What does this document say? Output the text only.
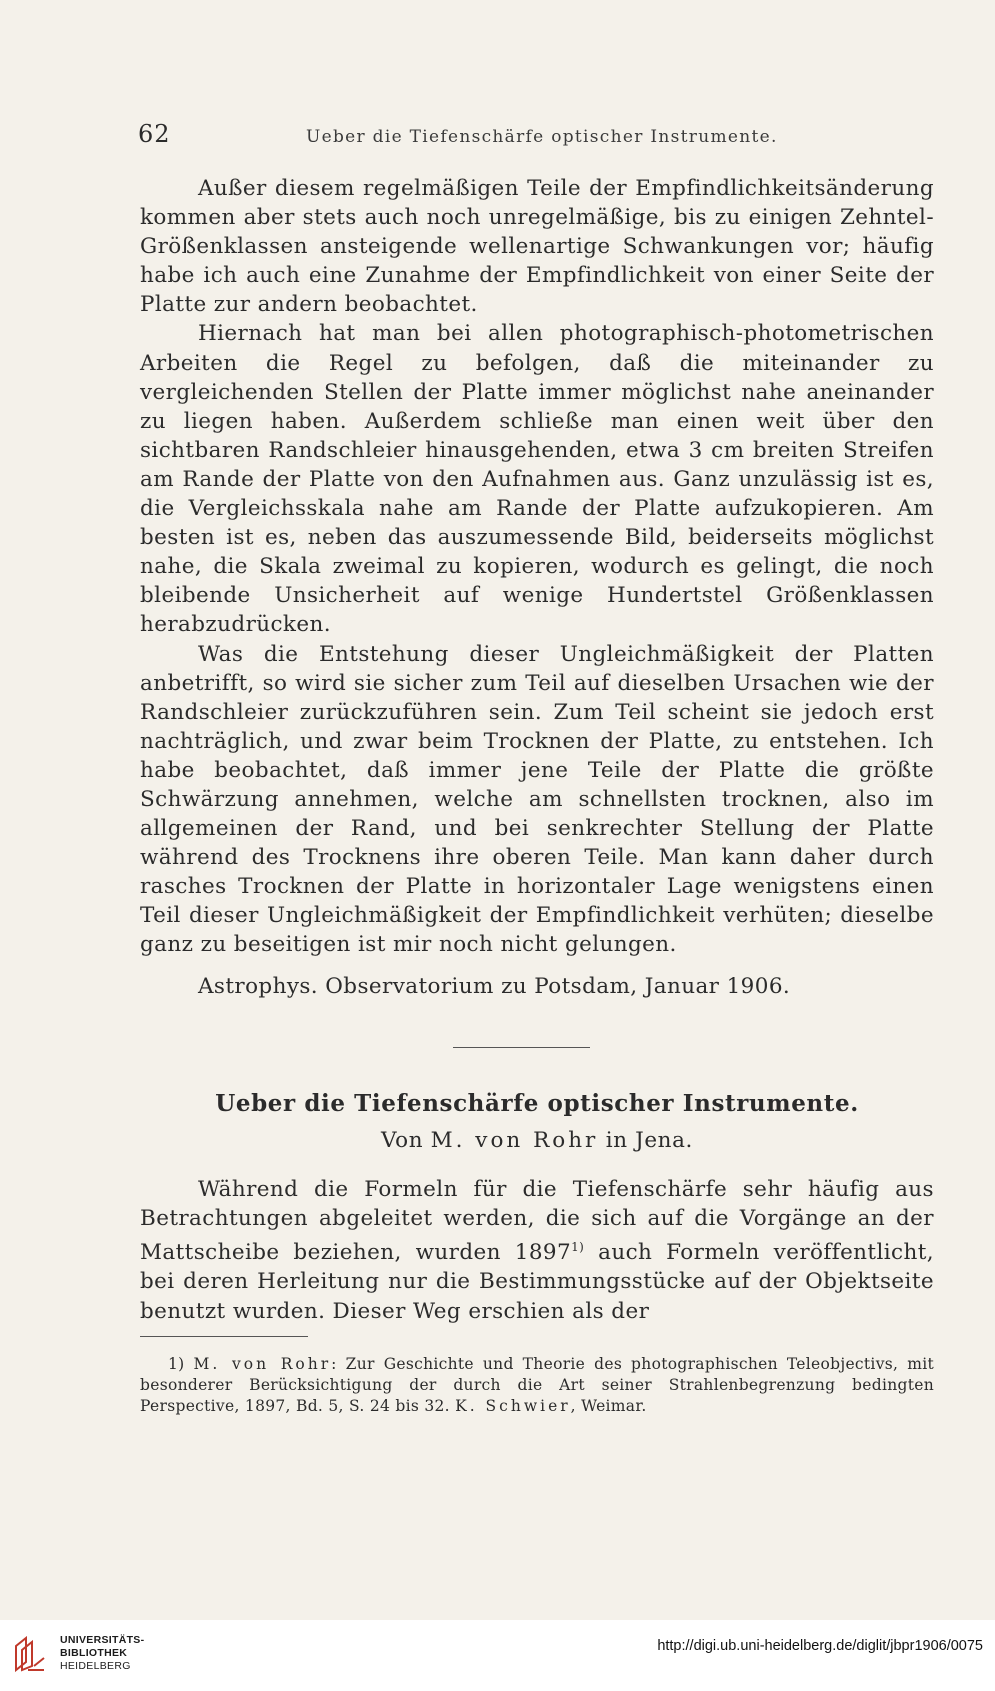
62	Ueber die Tiefenschärfe optischer Instrumente.

Außer diesem regelmäßigen Teile der Empfindlichkeitsänderung kommen aber stets auch noch unregelmäßige, bis zu einigen Zehntel-Größenklassen ansteigende wellenartige Schwankungen vor; häufig habe ich auch eine Zunahme der Empfindlichkeit von einer Seite der Platte zur andern beobachtet.

Hiernach hat man bei allen photographisch-photometrischen Arbeiten die Regel zu befolgen, daß die miteinander zu vergleichenden Stellen der Platte immer möglichst nahe aneinander zu liegen haben. Außerdem schließe man einen weit über den sichtbaren Randschleier hinausgehenden, etwa 3 cm breiten Streifen am Rande der Platte von den Aufnahmen aus. Ganz unzulässig ist es, die Vergleichsskala nahe am Rande der Platte aufzukopieren. Am besten ist es, neben das auszumessende Bild, beiderseits möglichst nahe, die Skala zweimal zu kopieren, wodurch es gelingt, die noch bleibende Unsicherheit auf wenige Hundertstel Größenklassen herabzudrücken.

Was die Entstehung dieser Ungleichmäßigkeit der Platten anbetrifft, so wird sie sicher zum Teil auf dieselben Ursachen wie der Randschleier zurückzuführen sein. Zum Teil scheint sie jedoch erst nachträglich, und zwar beim Trocknen der Platte, zu entstehen. Ich habe beobachtet, daß immer jene Teile der Platte die größte Schwärzung annehmen, welche am schnellsten trocknen, also im allgemeinen der Rand, und bei senkrechter Stellung der Platte während des Trocknens ihre oberen Teile. Man kann daher durch rasches Trocknen der Platte in horizontaler Lage wenigstens einen Teil dieser Ungleichmäßigkeit der Empfindlichkeit verhüten; dieselbe ganz zu beseitigen ist mir noch nicht gelungen.

Astrophys. Observatorium zu Potsdam, Januar 1906.
Ueber die Tiefenschärfe optischer Instrumente.
Von M. von Rohr in Jena.

Während die Formeln für die Tiefenschärfe sehr häufig aus Betrachtungen abgeleitet werden, die sich auf die Vorgänge an der Mattscheibe beziehen, wurden 1897$^{1)}$ auch Formeln veröffentlicht, bei deren Herleitung nur die Bestimmungsstücke auf der Objektseite benutzt wurden. Dieser Weg erschien als der

1) M. von Rohr: Zur Geschichte und Theorie des photographischen Teleobjectivs, mit besonderer Berücksichtigung der durch die Art seiner Strahlenbegrenzung bedingten Perspective, 1897, Bd. 5, S. 24 bis 32. K. Schwier, Weimar.
UNIVERSITÄTS-
BIBLIOTHEK
HEIDELBERG
http://digi.ub.uni-heidelberg.de/diglit/jbpr1906/0075
